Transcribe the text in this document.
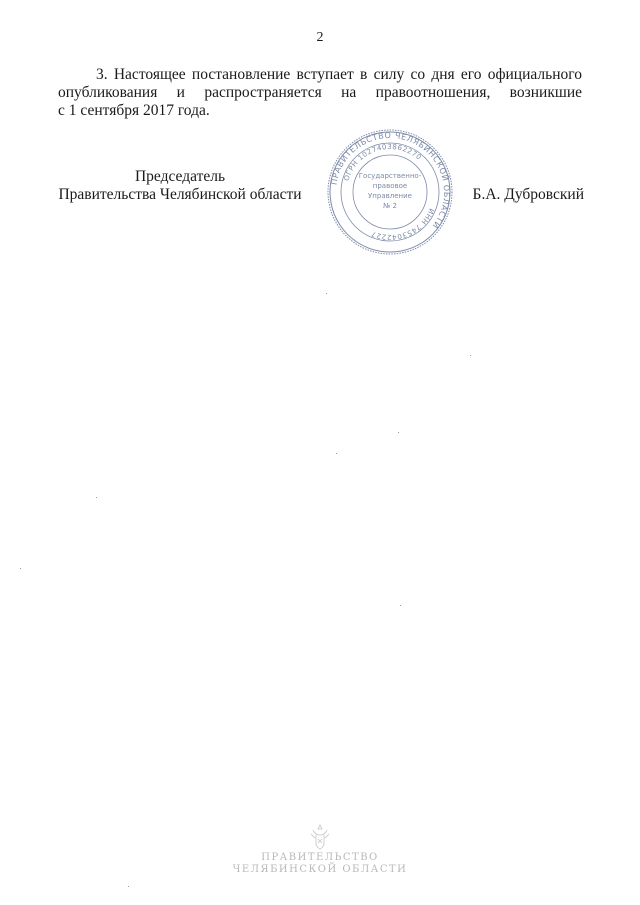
2

3. Настоящее постановление вступает в силу со дня его официального
опубликования и распространяется на правоотношения, возникшие
с 1 сентября 2017 года.

Председатель
Правительства Челябинской области	Б.А. Дубровский
ПРАВИТЕЛЬСТВО ЧЕЛЯБИНСКОЙ ОБЛАСТИ
ОГРН 1027403862270
ИНН 7453042227
Государственно-
правовое
Управление
№ 2
ПРАВИТЕЛЬСТВО
ЧЕЛЯБИНСКОЙ ОБЛАСТИ
